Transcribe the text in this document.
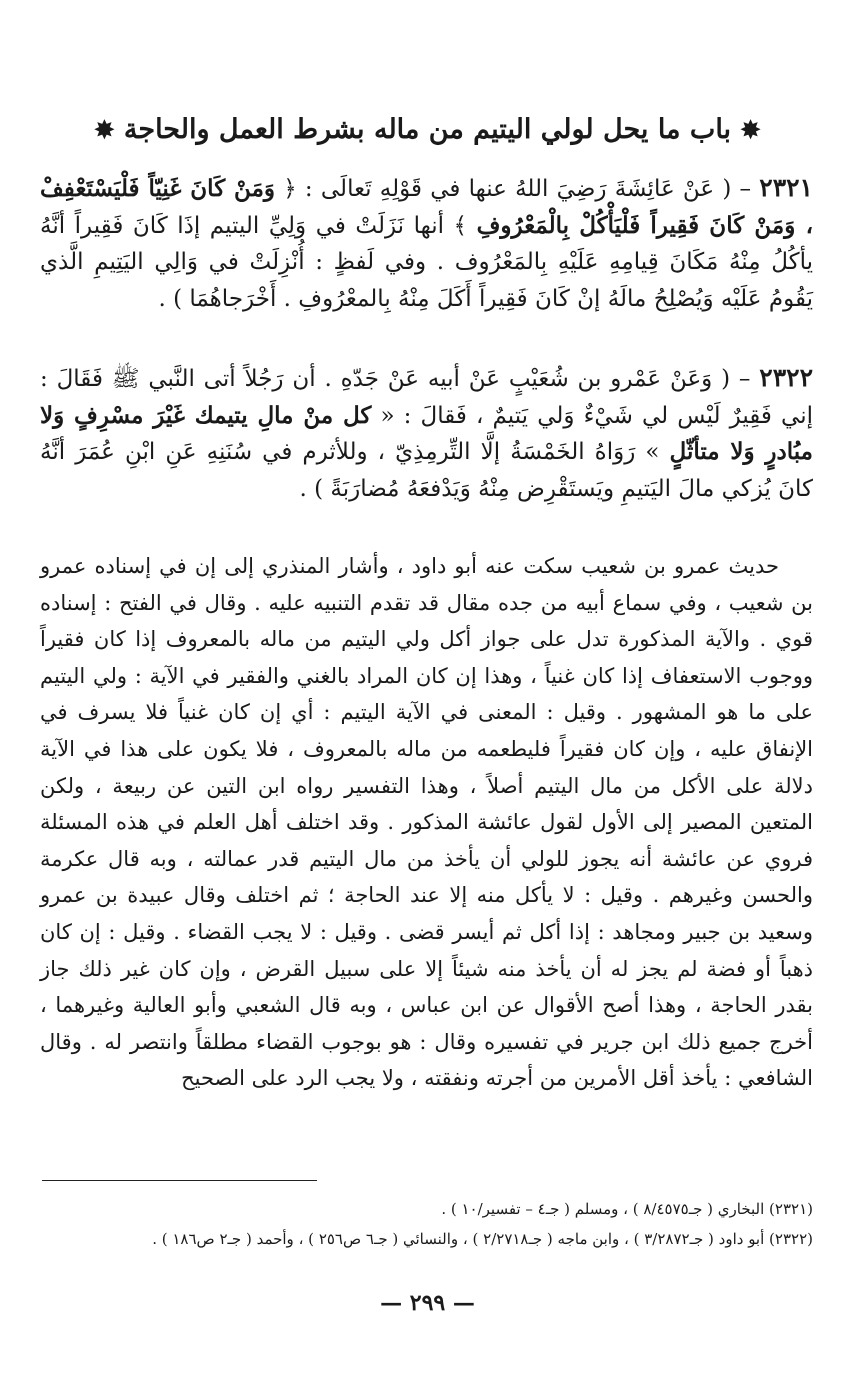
✸ باب ما يحل لولي اليتيم من ماله بشرط العمل والحاجة ✸
٢٣٢١ – ( عَنْ عَائِشَةَ رَضِيَ اللهُ عنها في قَوْلِهِ تَعالَى : ﴿ وَمَنْ كَانَ غَنِيّاً فَلْيَسْتَعْفِفْ ، وَمَنْ كَانَ فَقِيراً فَلْيَأْكُلْ بِالْمَعْرُوفِ ﴾ أنها نَزَلَتْ في وَلِيِّ اليتيم إذَا كَانَ فَقِيراً أنَّهُ يأكُلُ مِنْهُ مَكَانَ قِيامِهِ عَلَيْهِ بِالمَعْرُوف . وفي لَفظٍ : أُنْزِلَتْ في وَالِي اليَتِيمِ الَّذي يَقُومُ عَلَيْه وَيُصْلِحُ مالَهُ إنْ كَانَ فَقِيراً أَكَلَ مِنْهُ بِالمعْرُوفِ . أَخْرَجاهُمَا ) .
٢٣٢٢ – ( وَعَنْ عَمْرو بن شُعَيْبٍ عَنْ أبيه عَنْ جَدّهِ . أن رَجُلاً أتى النَّبي ﷺ فَقَالَ : إني فَقِيرٌ لَيْس لي شَيْءٌ وَلي يَتيمٌ ، فَقالَ : « كل منْ مالِ يتيمك غَيْرَ مسْرِفٍ وَلا مبُادرٍ وَلا متأثّلٍ » رَوَاهُ الخَمْسَةُ إلَّا التِّرمِذِيّ ، وللأثرم في سُنَنِهِ عَنِ ابْنِ عُمَرَ أنَّهُ كانَ يُزكي مالَ اليَتيمِ ويَستَقْرِض مِنْهُ وَيَدْفعَهُ مُضارَبَةً ) .
حديث عمرو بن شعيب سكت عنه أبو داود ، وأشار المنذري إلى إن في إسناده عمرو بن شعيب ، وفي سماع أبيه من جده مقال قد تقدم التنبيه عليه . وقال في الفتح : إسناده قوي . والآية المذكورة تدل على جواز أكل ولي اليتيم من ماله بالمعروف إذا كان فقيراً ووجوب الاستعفاف إذا كان غنياً ، وهذا إن كان المراد بالغني والفقير في الآية : ولي اليتيم على ما هو المشهور . وقيل : المعنى في الآية اليتيم : أي إن كان غنياً فلا يسرف في الإنفاق عليه ، وإن كان فقيراً فليطعمه من ماله بالمعروف ، فلا يكون على هذا في الآية دلالة على الأكل من مال اليتيم أصلاً ، وهذا التفسير رواه ابن التين عن ربيعة ، ولكن المتعين المصير إلى الأول لقول عائشة المذكور . وقد اختلف أهل العلم في هذه المسئلة فروي عن عائشة أنه يجوز للولي أن يأخذ من مال اليتيم قدر عمالته ، وبه قال عكرمة والحسن وغيرهم . وقيل : لا يأكل منه إلا عند الحاجة ؛ ثم اختلف وقال عبيدة بن عمرو وسعيد بن جبير ومجاهد : إذا أكل ثم أيسر قضى . وقيل : لا يجب القضاء . وقيل : إن كان ذهباً أو فضة لم يجز له أن يأخذ منه شيئاً إلا على سبيل القرض ، وإن كان غير ذلك جاز بقدر الحاجة ، وهذا أصح الأقوال عن ابن عباس ، وبه قال الشعبي وأبو العالية وغيرهما ، أخرج جميع ذلك ابن جرير في تفسيره وقال : هو بوجوب القضاء مطلقاً وانتصر له . وقال الشافعي : يأخذ أقل الأمرين من أجرته ونفقته ، ولا يجب الرد على الصحيح

(٢٣٢١) البخاري ( جـ٨/٤٥٧٥ ) ، ومسلم ( جـ٤ – تفسير/١٠ ) .

(٢٣٢٢) أبو داود ( جـ٣/٢٨٧٢ ) ، وابن ماجه ( جـ٢/٢٧١٨ ) ، والنسائي ( جـ٦ ص٢٥٦ ) ، وأحمد ( جـ٢ ص١٨٦ ) .

— ٢٩٩ —
